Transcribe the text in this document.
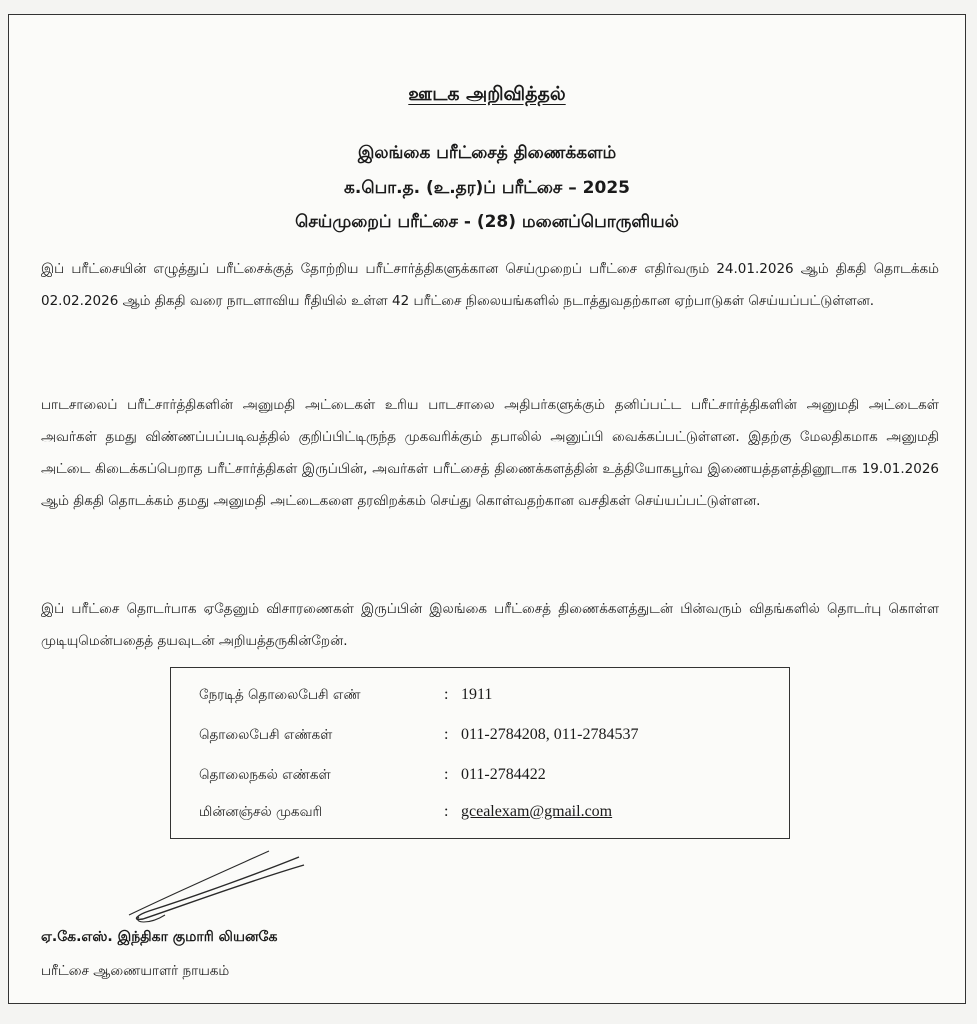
ஊடக அறிவித்தல்
இலங்கை பரீட்சைத் திணைக்களம்
க.பொ.த. (உ.தர)ப் பரீட்சை – 2025
செய்முறைப் பரீட்சை - (28) மனைப்பொருளியல்

இப் பரீட்சையின் எழுத்துப் பரீட்சைக்குத் தோற்றிய பரீட்சார்த்திகளுக்கான செய்முறைப் பரீட்சை எதிர்வரும் 24.01.2026 ஆம் திகதி தொடக்கம் 02.02.2026 ஆம் திகதி வரை நாடளாவிய ரீதியில் உள்ள 42 பரீட்சை நிலையங்களில் நடாத்துவதற்கான ஏற்பாடுகள் செய்யப்பட்டுள்ளன.

பாடசாலைப் பரீட்சார்த்திகளின் அனுமதி அட்டைகள் உரிய பாடசாலை அதிபர்களுக்கும் தனிப்பட்ட பரீட்சார்த்திகளின் அனுமதி அட்டைகள் அவர்கள் தமது விண்ணப்பப்படிவத்தில் குறிப்பிட்டிருந்த முகவரிக்கும் தபாலில் அனுப்பி வைக்கப்பட்டுள்ளன. இதற்கு மேலதிகமாக அனுமதி அட்டை கிடைக்கப்பெறாத பரீட்சார்த்திகள் இருப்பின், அவர்கள் பரீட்சைத் திணைக்களத்தின் உத்தியோகபூர்வ இணையத்தளத்தினூடாக 19.01.2026 ஆம் திகதி தொடக்கம் தமது அனுமதி அட்டைகளை தரவிறக்கம் செய்து கொள்வதற்கான வசதிகள் செய்யப்பட்டுள்ளன.

இப் பரீட்சை தொடர்பாக ஏதேனும் விசாரணைகள் இருப்பின் இலங்கை பரீட்சைத் திணைக்களத்துடன் பின்வரும் விதங்களில் தொடர்பு கொள்ள முடியுமென்பதைத் தயவுடன் அறியத்தருகின்றேன்.

நேரடித் தொலைபேசி எண்	: 1911
தொலைபேசி எண்கள்	: 011-2784208, 011-2784537
தொலைநகல் எண்கள்	: 011-2784422
மின்னஞ்சல் முகவரி	: gcealexam@gmail.com
ஏ.கே.எஸ். இந்திகா குமாரி லியனகே
பரீட்சை ஆணையாளர் நாயகம்
